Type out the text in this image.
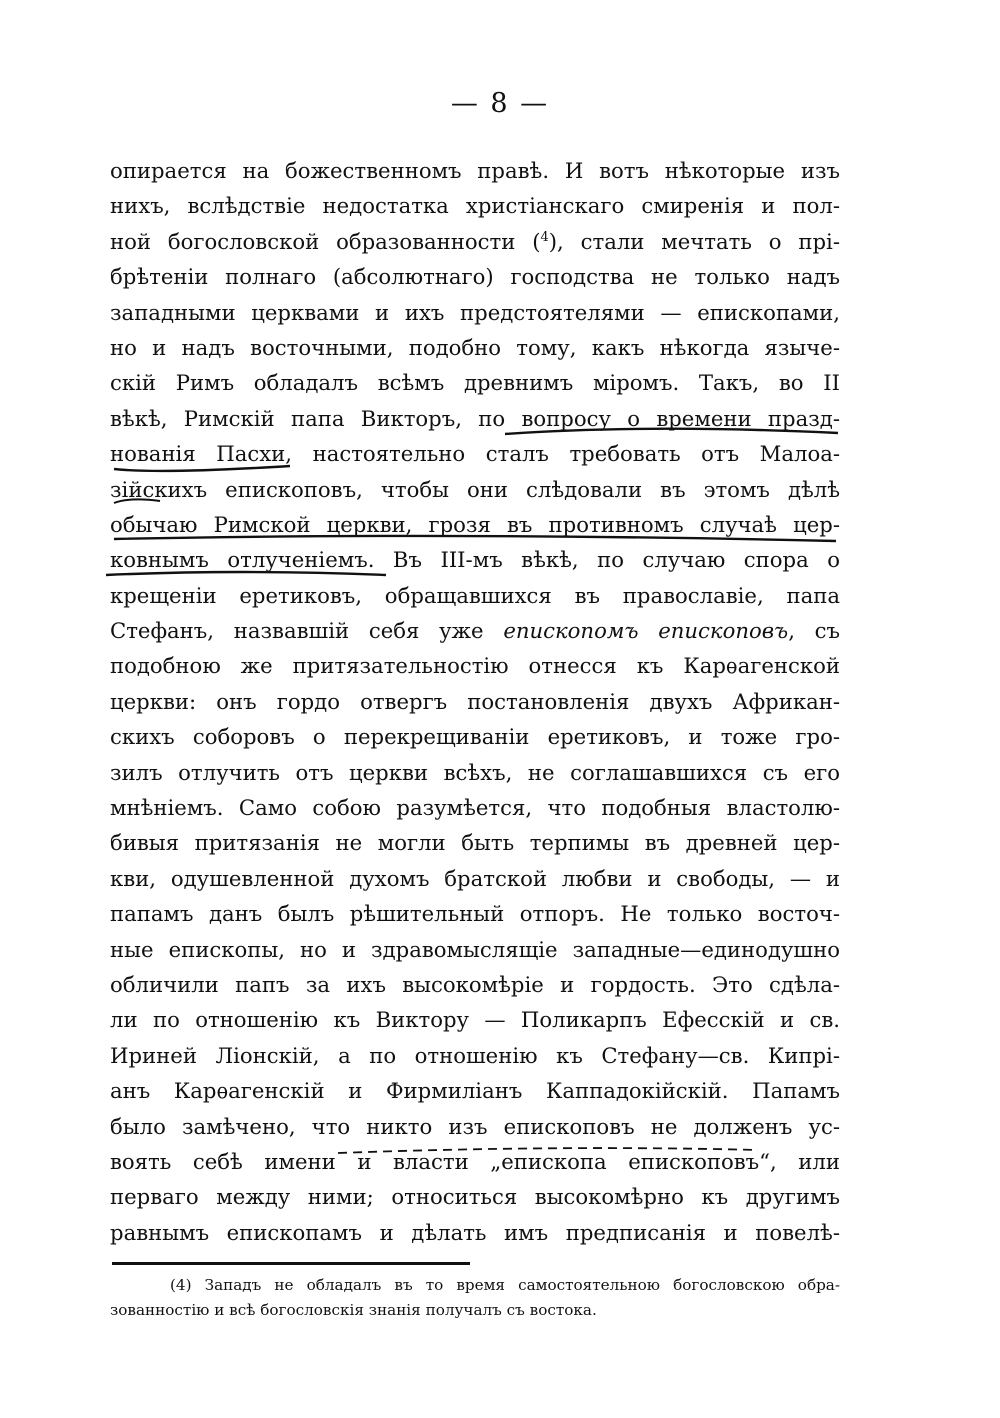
— 8 —
опирается на божественномъ правѣ. И вотъ нѣкоторые изъ
нихъ, вслѣдствіе недостатка христіанскаго смиренія и пол-
ной богословской образованности ($^4$), стали мечтать о прі-
брѣтеніи полнаго (абсолютнаго) господства не только надъ
западными церквами и ихъ предстоятелями — епископами,
но и надъ восточными, подобно тому, какъ нѣкогда языче-
скій Римъ обладалъ всѣмъ древнимъ міромъ. Такъ, во II
вѣкѣ, Римскій папа Викторъ, по вопросу о времени празд-
нованія Пасхи, настоятельно сталъ требовать отъ Малоа-
зійскихъ епископовъ, чтобы они слѣдовали въ этомъ дѣлѣ
обычаю Римской церкви, грозя въ противномъ случаѣ цер-
ковнымъ отлученіемъ. Въ III-мъ вѣкѣ, по случаю спора о
крещеніи еретиковъ, обращавшихся въ православіе, папа
Стефанъ, назвавшій себя уже епископомъ епископовъ, съ
подобною же притязательностію отнесся къ Карѳагенской
церкви: онъ гордо отвергъ постановленія двухъ Африкан-
скихъ соборовъ о перекрещиваніи еретиковъ, и тоже гро-
зилъ отлучить отъ церкви всѣхъ, не соглашавшихся съ его
мнѣніемъ. Само собою разумѣется, что подобныя властолю-
бивыя притязанія не могли быть терпимы въ древней цер-
кви, одушевленной духомъ братской любви и свободы, — и
папамъ данъ былъ рѣшительный отпоръ. Не только восточ-
ные епископы, но и здравомыслящіе западные—единодушно
обличили папъ за ихъ высокомѣріе и гордость. Это сдѣла-
ли по отношенію къ Виктору — Поликарпъ Ефесскій и св.
Ириней Ліонскій, а по отношенію къ Стефану—св. Кипрі-
анъ Карѳагенскій и Фирмиліанъ Каппадокійскій. Папамъ
было замѣчено, что никто изъ епископовъ не долженъ ус-
воять себѣ имени и власти „епископа епископовъ“, или
перваго между ними; относиться высокомѣрно къ другимъ
равнымъ епископамъ и дѣлать имъ предписанія и повелѣ-
(4) Западъ не обладалъ въ то время самостоятельною богословскою обра-
зованностію и всѣ богословскія знанія получалъ съ востока.
